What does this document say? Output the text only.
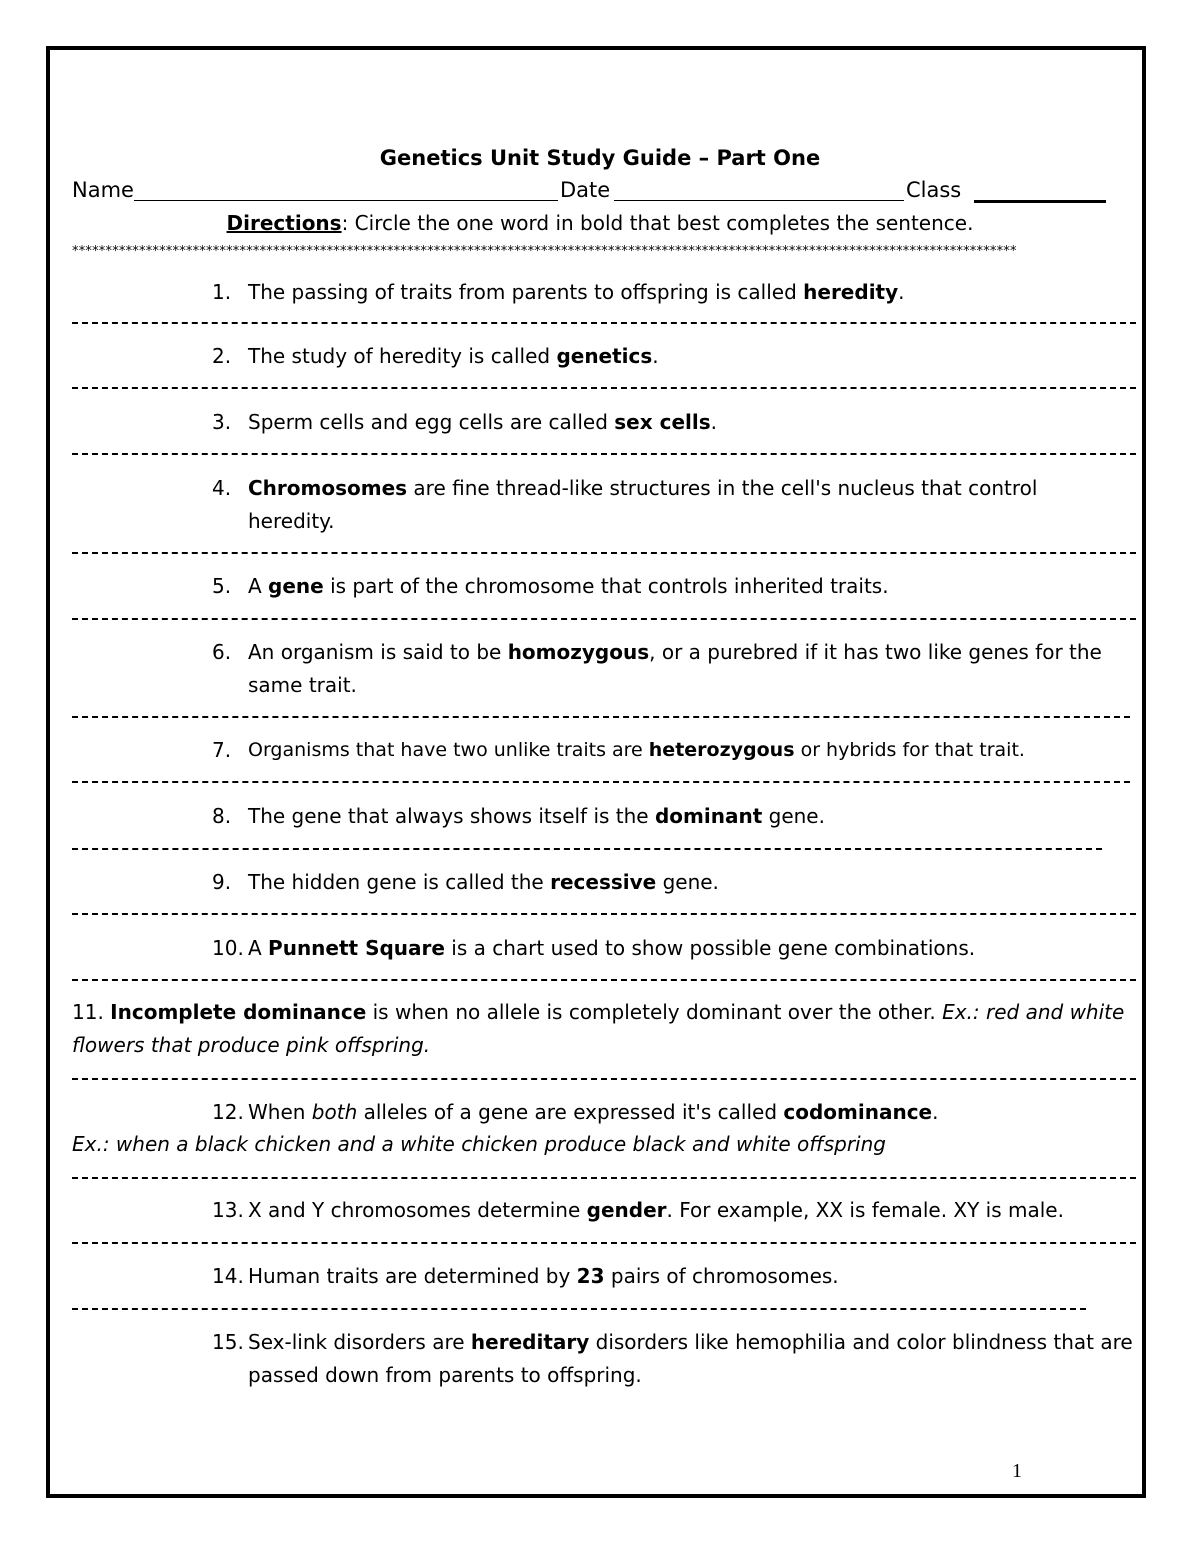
Genetics Unit Study Guide – Part One
Name	Date	Class
Directions: Circle the one word in bold that best completes the sentence.
*********************************************************************************************************************************************
1. The passing of traits from parents to offspring is called heredity.
2. The study of heredity is called genetics.
3. Sperm cells and egg cells are called sex cells.
4. Chromosomes are fine thread-like structures in the cell's nucleus that control heredity.
5. A gene is part of the chromosome that controls inherited traits.
6. An organism is said to be homozygous, or a purebred if it has two like genes for the same trait.
7. Organisms that have two unlike traits are heterozygous or hybrids for that trait.
8. The gene that always shows itself is the dominant gene.
9. The hidden gene is called the recessive gene.
10. A Punnett Square is a chart used to show possible gene combinations.
11. Incomplete dominance is when no allele is completely dominant over the other. Ex.: red and white flowers that produce pink offspring.
12. When both alleles of a gene are expressed it's called codominance.
Ex.: when a black chicken and a white chicken produce black and white offspring
13. X and Y chromosomes determine gender. For example, XX is female. XY is male.
14. Human traits are determined by 23 pairs of chromosomes.
15. Sex-link disorders are hereditary disorders like hemophilia and color blindness that are passed down from parents to offspring.
1
